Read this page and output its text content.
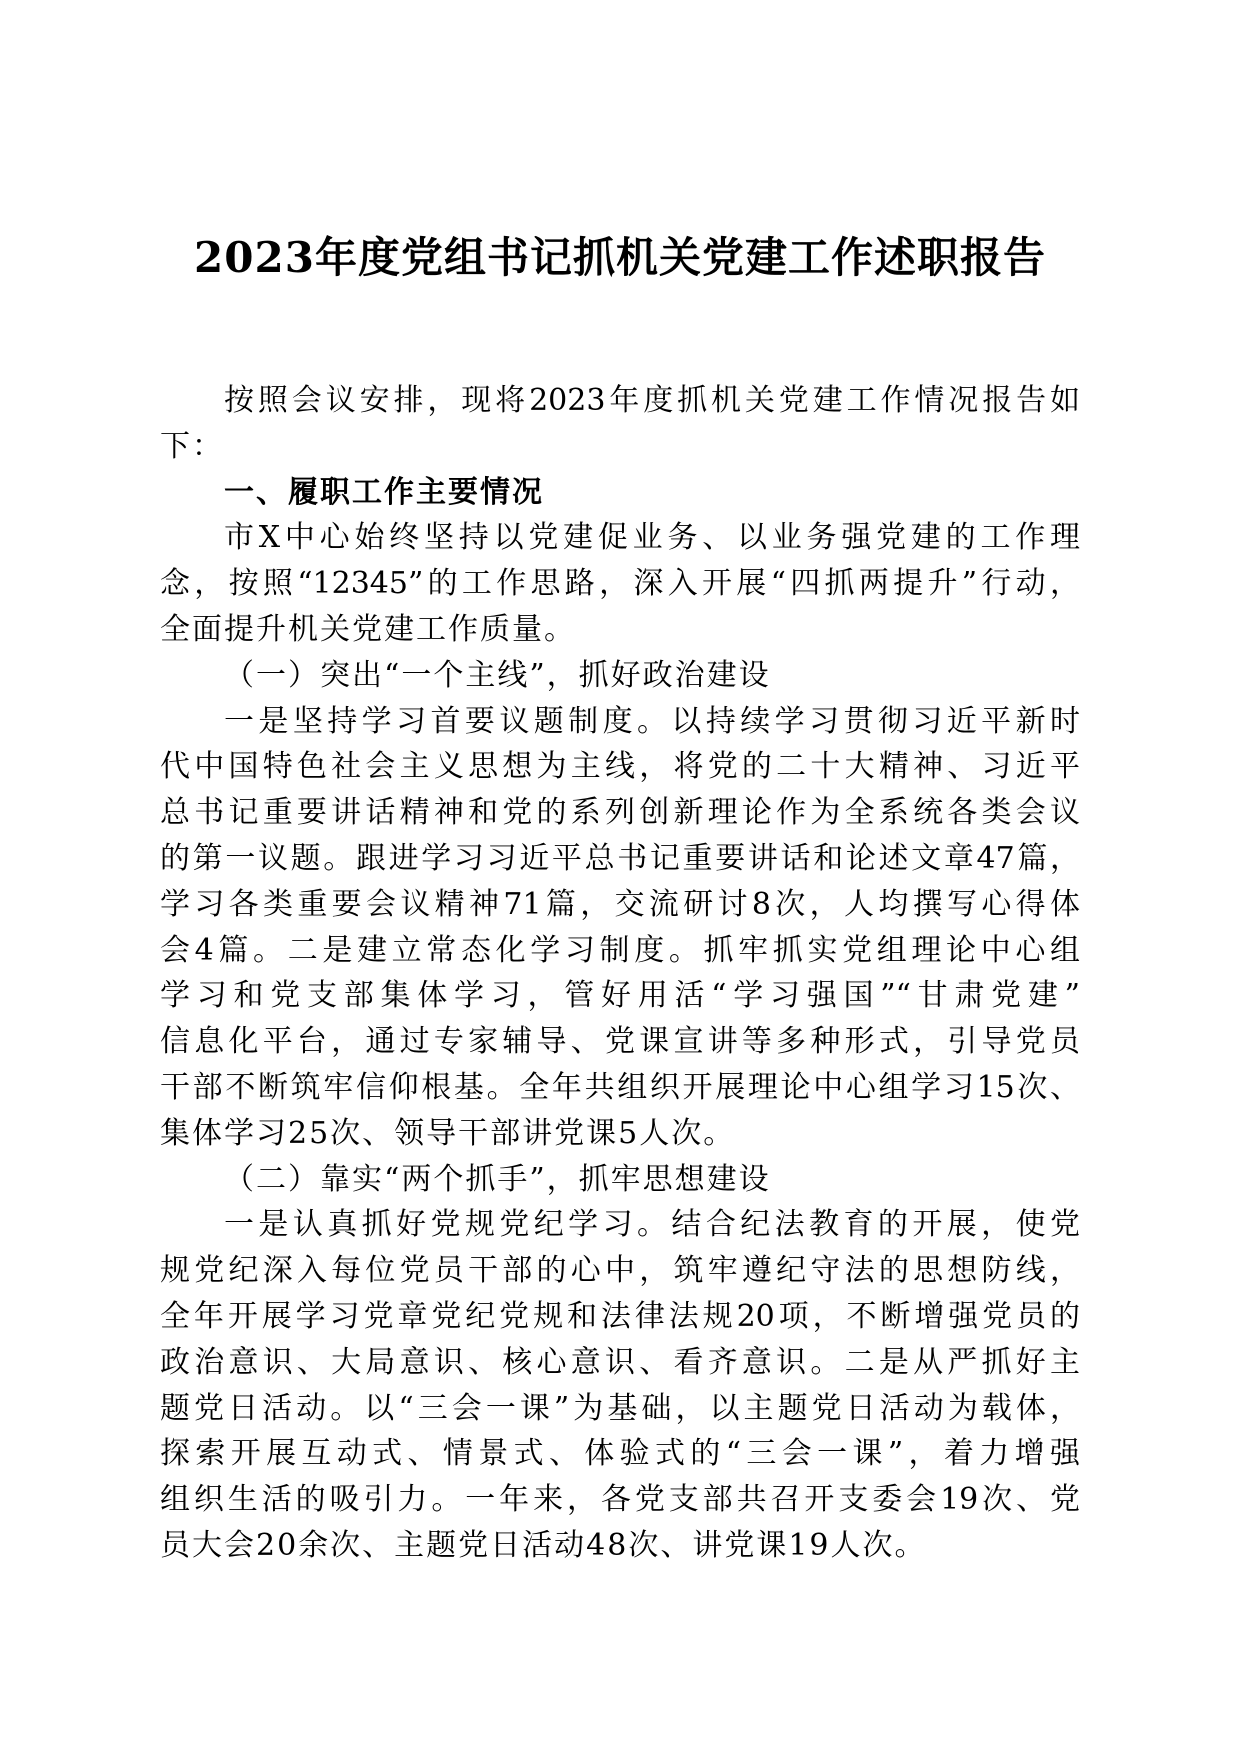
2023年度党组书记抓机关党建工作述职报告
按照会议安排，现将2023年度抓机关党建工作情况报告如
下：
一、履职工作主要情况
市X中心始终坚持以党建促业务、以业务强党建的工作理
念，按照“12345”的工作思路，深入开展“四抓两提升”行动，
全面提升机关党建工作质量。
（一）突出“一个主线”，抓好政治建设
一是坚持学习首要议题制度。以持续学习贯彻习近平新时
代中国特色社会主义思想为主线，将党的二十大精神、习近平
总书记重要讲话精神和党的系列创新理论作为全系统各类会议
的第一议题。跟进学习习近平总书记重要讲话和论述文章47篇，
学习各类重要会议精神71篇，交流研讨8次，人均撰写心得体
会4篇。二是建立常态化学习制度。抓牢抓实党组理论中心组
学习和党支部集体学习，管好用活“学习强国”“甘肃党建”
信息化平台，通过专家辅导、党课宣讲等多种形式，引导党员
干部不断筑牢信仰根基。全年共组织开展理论中心组学习15次、
集体学习25次、领导干部讲党课5人次。
（二）靠实“两个抓手”，抓牢思想建设
一是认真抓好党规党纪学习。结合纪法教育的开展，使党
规党纪深入每位党员干部的心中，筑牢遵纪守法的思想防线，
全年开展学习党章党纪党规和法律法规20项，不断增强党员的
政治意识、大局意识、核心意识、看齐意识。二是从严抓好主
题党日活动。以“三会一课”为基础，以主题党日活动为载体，
探索开展互动式、情景式、体验式的“三会一课”，着力增强
组织生活的吸引力。一年来，各党支部共召开支委会19次、党
员大会20余次、主题党日活动48次、讲党课19人次。
